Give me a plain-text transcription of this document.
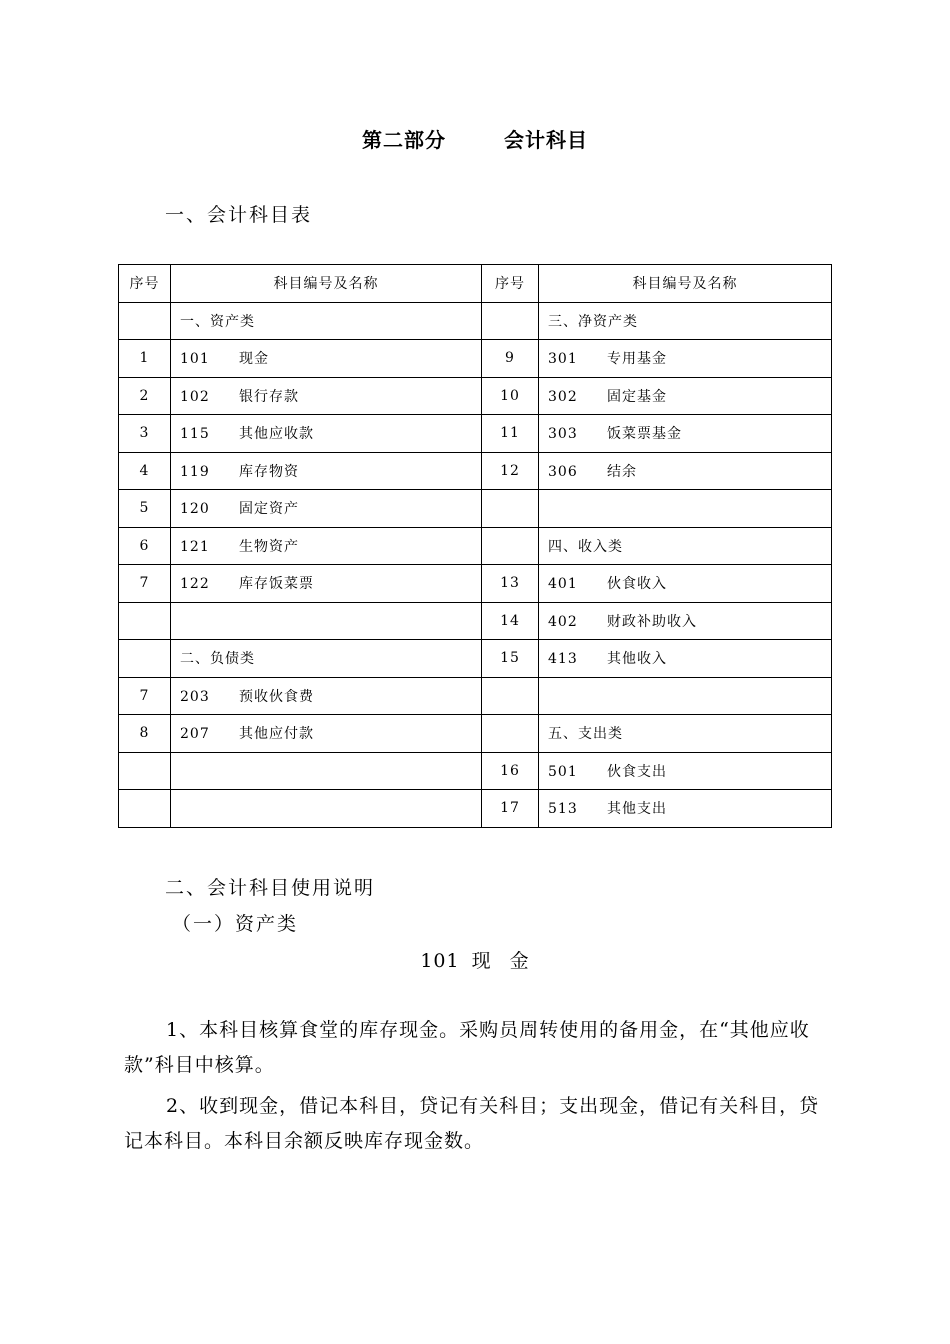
第二部分	会计科目
一、会计科目表
序号	科目编号及名称	序号	科目编号及名称
	一、资产类		三、净资产类
1	101 现金	9	301 专用基金
2	102 银行存款	10	302 固定基金
3	115 其他应收款	11	303 饭菜票基金
4	119 库存物资	12	306 结余
5	120 固定资产		
6	121 生物资产		四、收入类
7	122 库存饭菜票	13	401 伙食收入
		14	402 财政补助收入
	二、负债类	15	413 其他收入
7	203 预收伙食费		
8	207 其他应付款		五、支出类
		16	501 伙食支出
		17	513 其他支出
二、会计科目使用说明
（一）资产类
101 现 金
1、本科目核算食堂的库存现金。采购员周转使用的备用金，在“其他应收款”科目中核算。
2、收到现金，借记本科目，贷记有关科目；支出现金，借记有关科目，贷记本科目。本科目余额反映库存现金数。
